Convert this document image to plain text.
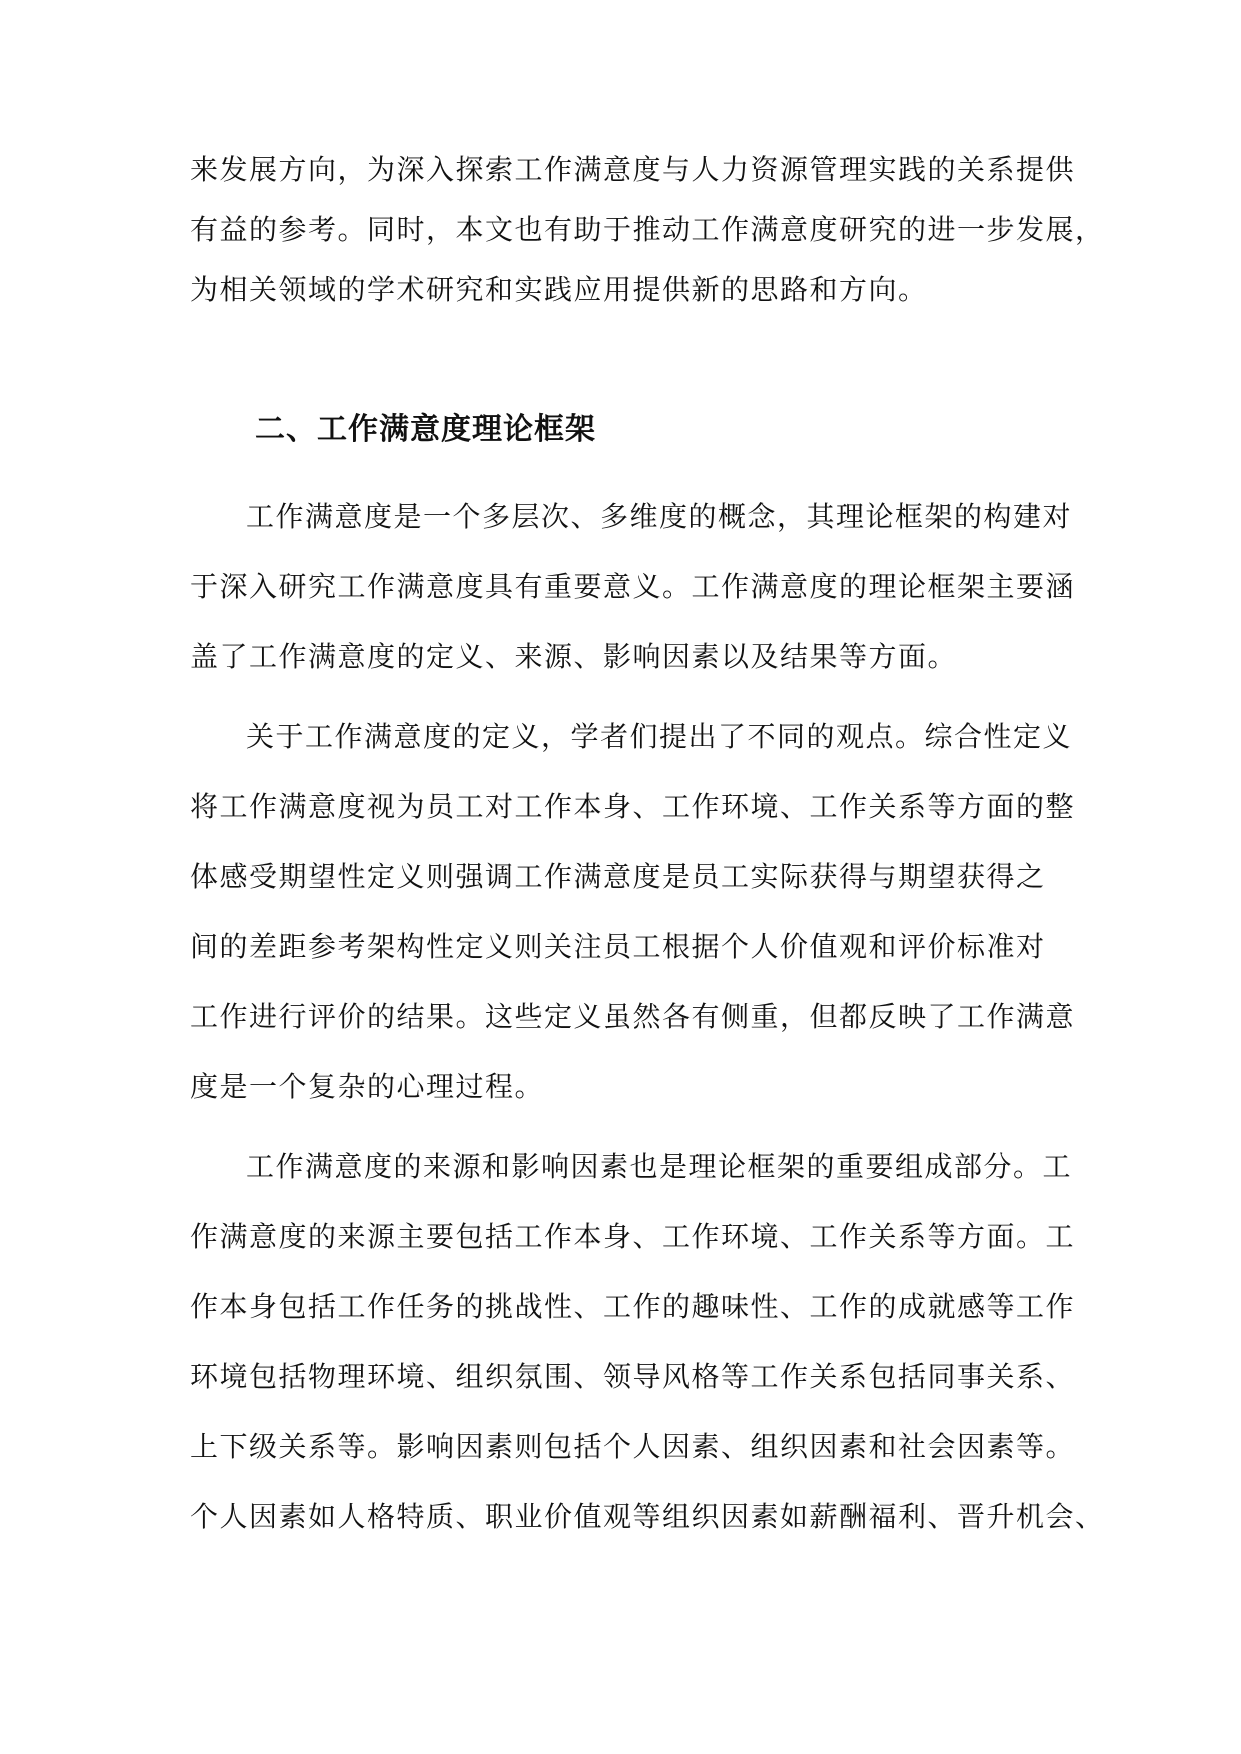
来发展方向，为深入探索工作满意度与人力资源管理实践的关系提供
有益的参考。同时，本文也有助于推动工作满意度研究的进一步发展，
为相关领域的学术研究和实践应用提供新的思路和方向。
二、工作满意度理论框架
工作满意度是一个多层次、多维度的概念，其理论框架的构建对
于深入研究工作满意度具有重要意义。工作满意度的理论框架主要涵
盖了工作满意度的定义、来源、影响因素以及结果等方面。
关于工作满意度的定义，学者们提出了不同的观点。综合性定义
将工作满意度视为员工对工作本身、工作环境、工作关系等方面的整
体感受期望性定义则强调工作满意度是员工实际获得与期望获得之
间的差距参考架构性定义则关注员工根据个人价值观和评价标准对
工作进行评价的结果。这些定义虽然各有侧重，但都反映了工作满意
度是一个复杂的心理过程。
工作满意度的来源和影响因素也是理论框架的重要组成部分。工
作满意度的来源主要包括工作本身、工作环境、工作关系等方面。工
作本身包括工作任务的挑战性、工作的趣味性、工作的成就感等工作
环境包括物理环境、组织氛围、领导风格等工作关系包括同事关系、
上下级关系等。影响因素则包括个人因素、组织因素和社会因素等。
个人因素如人格特质、职业价值观等组织因素如薪酬福利、晋升机会、
